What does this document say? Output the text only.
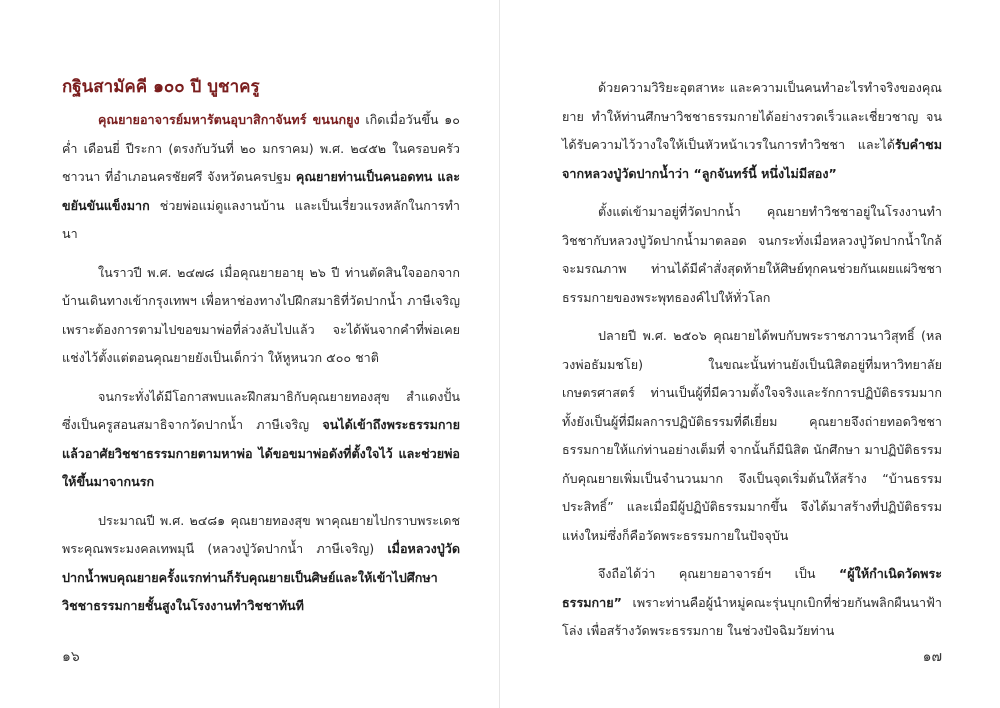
กฐินสามัคคี ๑๐๐ ปี บูชาครู

คุณยายอาจารย์มหารัตนอุบาสิกาจันทร์ ขนนกยูง เกิดเมื่อวันขึ้น ๑๐ ค่ำ เดือนยี่ ปีระกา (ตรงกับวันที่ ๒๐ มกราคม) พ.ศ. ๒๔๕๒ ในครอบครัวชาวนา ที่อำเภอนครชัยศรี จังหวัดนครปฐม คุณยายท่านเป็นคนอดทน และขยันขันแข็งมาก ช่วยพ่อแม่ดูแลงานบ้าน และเป็นเรี่ยวแรงหลักในการทำนา

ในราวปี พ.ศ. ๒๔๗๘ เมื่อคุณยายอายุ ๒๖ ปี ท่านตัดสินใจออกจากบ้านเดินทางเข้ากรุงเทพฯ เพื่อหาช่องทางไปฝึกสมาธิที่วัดปากน้ำ ภาษีเจริญ เพราะต้องการตามไปขอขมาพ่อที่ล่วงลับไปแล้ว จะได้พ้นจากคำที่พ่อเคยแช่งไว้ตั้งแต่ตอนคุณยายยังเป็นเด็กว่า ให้หูหนวก ๕๐๐ ชาติ

จนกระทั่งได้มีโอกาสพบและฝึกสมาธิกับคุณยายทองสุข สำแดงปั้น ซึ่งเป็นครูสอนสมาธิจากวัดปากน้ำ ภาษีเจริญ จนได้เข้าถึงพระธรรมกาย แล้วอาศัยวิชชาธรรมกายตามหาพ่อ ได้ขอขมาพ่อดังที่ตั้งใจไว้ และช่วยพ่อให้ขึ้นมาจากนรก

ประมาณปี พ.ศ. ๒๔๘๑ คุณยายทองสุข พาคุณยายไปกราบพระเดชพระคุณพระมงคลเทพมุนี (หลวงปู่วัดปากน้ำ ภาษีเจริญ) เมื่อหลวงปู่วัดปากน้ำพบคุณยายครั้งแรกท่านก็รับคุณยายเป็นศิษย์และให้เข้าไปศึกษาวิชชาธรรมกายชั้นสูงในโรงงานทำวิชชาทันที

๑๖

ด้วยความวิริยะอุตสาหะ และความเป็นคนทำอะไรทำจริงของคุณยาย ทำให้ท่านศึกษาวิชชาธรรมกายได้อย่างรวดเร็วและเชี่ยวชาญ จนได้รับความไว้วางใจให้เป็นหัวหน้าเวรในการทำวิชชา และได้รับคำชมจากหลวงปู่วัดปากน้ำว่า “ลูกจันทร์นี้ หนึ่งไม่มีสอง”

ตั้งแต่เข้ามาอยู่ที่วัดปากน้ำ คุณยายทำวิชชาอยู่ในโรงงานทำวิชชากับหลวงปู่วัดปากน้ำมาตลอด จนกระทั่งเมื่อหลวงปู่วัดปากน้ำใกล้จะมรณภาพ ท่านได้มีคำสั่งสุดท้ายให้ศิษย์ทุกคนช่วยกันเผยแผ่วิชชาธรรมกายของพระพุทธองค์ไปให้ทั่วโลก

ปลายปี พ.ศ. ๒๕๐๖ คุณยายได้พบกับพระราชภาวนาวิสุทธิ์ (หลวงพ่อธัมมชโย) ในขณะนั้นท่านยังเป็นนิสิตอยู่ที่มหาวิทยาลัยเกษตรศาสตร์ ท่านเป็นผู้ที่มีความตั้งใจจริงและรักการปฏิบัติธรรมมาก ทั้งยังเป็นผู้ที่มีผลการปฏิบัติธรรมที่ดีเยี่ยม คุณยายจึงถ่ายทอดวิชชาธรรมกายให้แก่ท่านอย่างเต็มที่ จากนั้นก็มีนิสิต นักศึกษา มาปฏิบัติธรรมกับคุณยายเพิ่มเป็นจำนวนมาก จึงเป็นจุดเริ่มต้นให้สร้าง “บ้านธรรมประสิทธิ์” และเมื่อมีผู้ปฏิบัติธรรมมากขึ้น จึงได้มาสร้างที่ปฏิบัติธรรมแห่งใหม่ซึ่งก็คือวัดพระธรรมกายในปัจจุบัน

จึงถือได้ว่า คุณยายอาจารย์ฯ เป็น “ผู้ให้กำเนิดวัดพระธรรมกาย” เพราะท่านคือผู้นำหมู่คณะรุ่นบุกเบิกที่ช่วยกันพลิกผืนนาฟ้าโล่ง เพื่อสร้างวัดพระธรรมกาย ในช่วงปัจฉิมวัยท่าน

๑๗
